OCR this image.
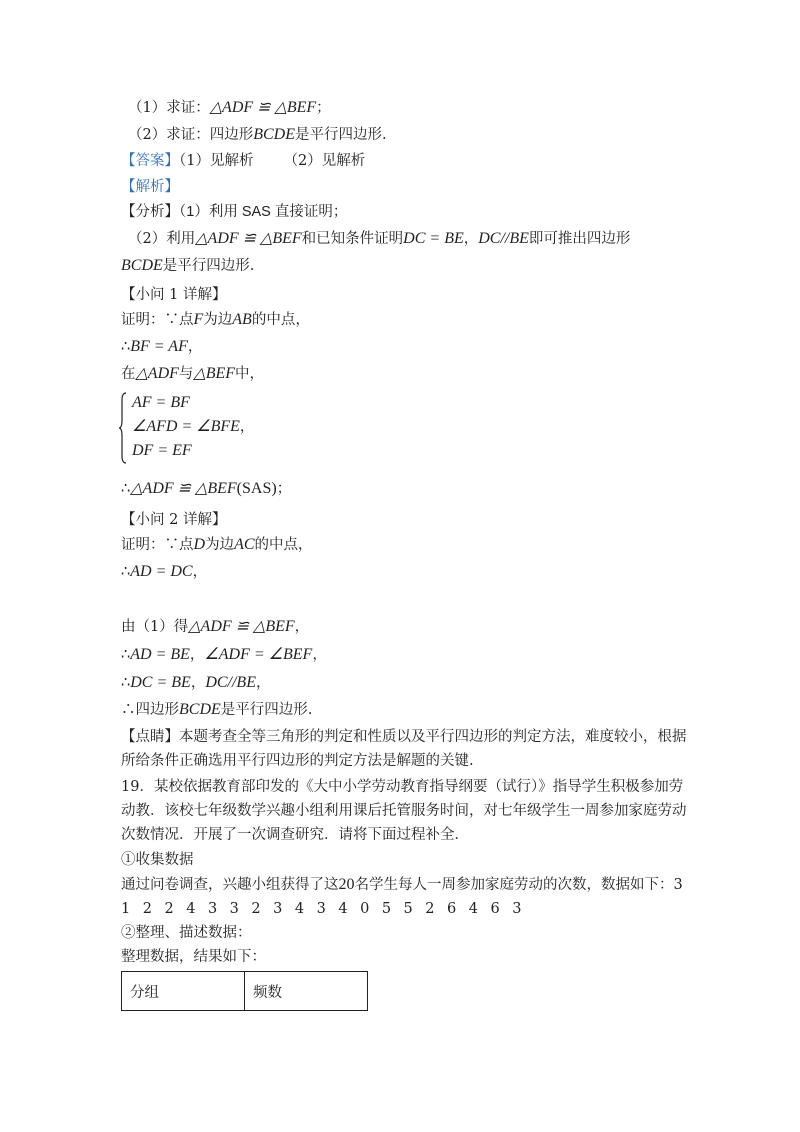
（1）求证：△ADF ≌ △BEF；
（2）求证：四边形BCDE是平行四边形.
【答案】（1）见解析 （2）见解析
【解析】
【分析】（1）利用 SAS 直接证明；
（2）利用△ADF ≌ △BEF和已知条件证明DC = BE，DC//BE即可推出四边形
BCDE是平行四边形.
【小问 1 详解】
证明：∵点F为边AB的中点，
∴BF = AF，
在△ADF与△BEF中，
AF = BF
∠AFD = ∠BFE，
DF = EF
∴△ADF ≌ △BEF(SAS)；
【小问 2 详解】
证明：∵点D为边AC的中点，
∴AD = DC，
由（1）得△ADF ≌ △BEF，
∴AD = BE，∠ADF = ∠BEF，
∴DC = BE，DC//BE，
∴四边形BCDE是平行四边形.
【点睛】本题考查全等三角形的判定和性质以及平行四边形的判定方法，难度较小，根据
所给条件正确选用平行四边形的判定方法是解题的关键.
19．某校依据教育部印发的《大中小学劳动教育指导纲要（试行）》指导学生积极参加劳
动教．该校七年级数学兴趣小组利用课后托管服务时间，对七年级学生一周参加家庭劳动
次数情况．开展了一次调查研究．请将下面过程补全．
①收集数据
通过问卷调查，兴趣小组获得了这20名学生每人一周参加家庭劳动的次数，数据如下：3
1 2 2 4 3 3 2 3 4 3 4 0 5 5 2 6 4 6 3
②整理、描述数据：
整理数据，结果如下：
分组	频数
